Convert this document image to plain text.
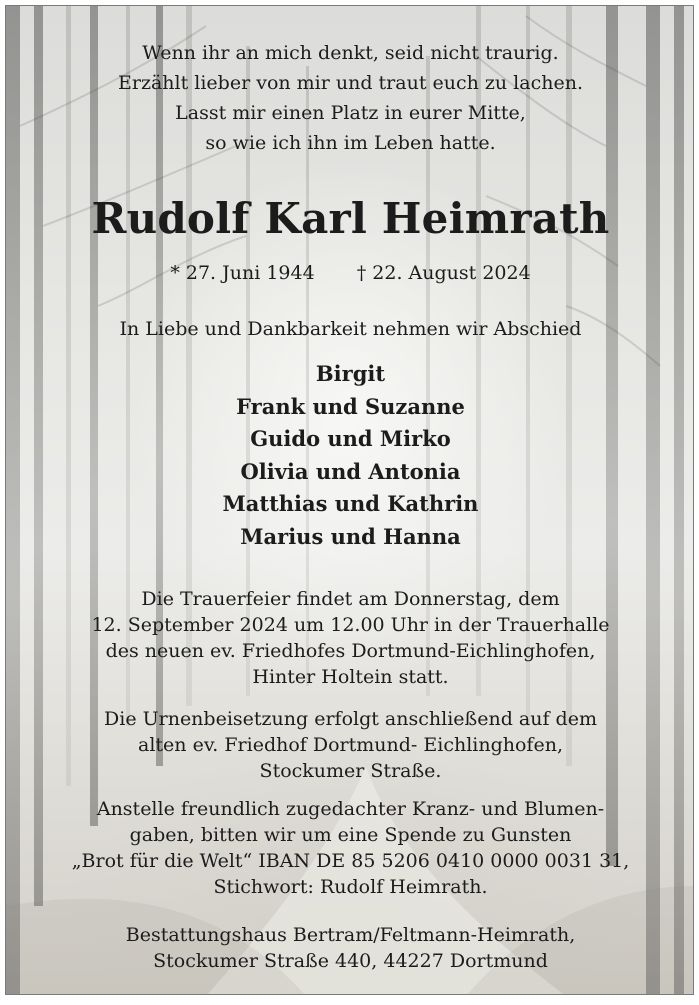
Wenn ihr an mich denkt, seid nicht traurig.
Erzählt lieber von mir und traut euch zu lachen.
Lasst mir einen Platz in eurer Mitte,
so wie ich ihn im Leben hatte.
Rudolf Karl Heimrath
* 27. Juni 1944 † 22. August 2024
In Liebe und Dankbarkeit nehmen wir Abschied
Birgit
Frank und Suzanne
Guido und Mirko
Olivia und Antonia
Matthias und Kathrin
Marius und Hanna
Die Trauerfeier findet am Donnerstag, dem
12. September 2024 um 12.00 Uhr in der Trauerhalle
des neuen ev. Friedhofes Dortmund-Eichlinghofen,
Hinter Holtein statt.
Die Urnenbeisetzung erfolgt anschließend auf dem
alten ev. Friedhof Dortmund- Eichlinghofen,
Stockumer Straße.
Anstelle freundlich zugedachter Kranz- und Blumen-
gaben, bitten wir um eine Spende zu Gunsten
„Brot für die Welt“ IBAN DE 85 5206 0410 0000 0031 31,
Stichwort: Rudolf Heimrath.
Bestattungshaus Bertram/Feltmann-Heimrath,
Stockumer Straße 440, 44227 Dortmund
